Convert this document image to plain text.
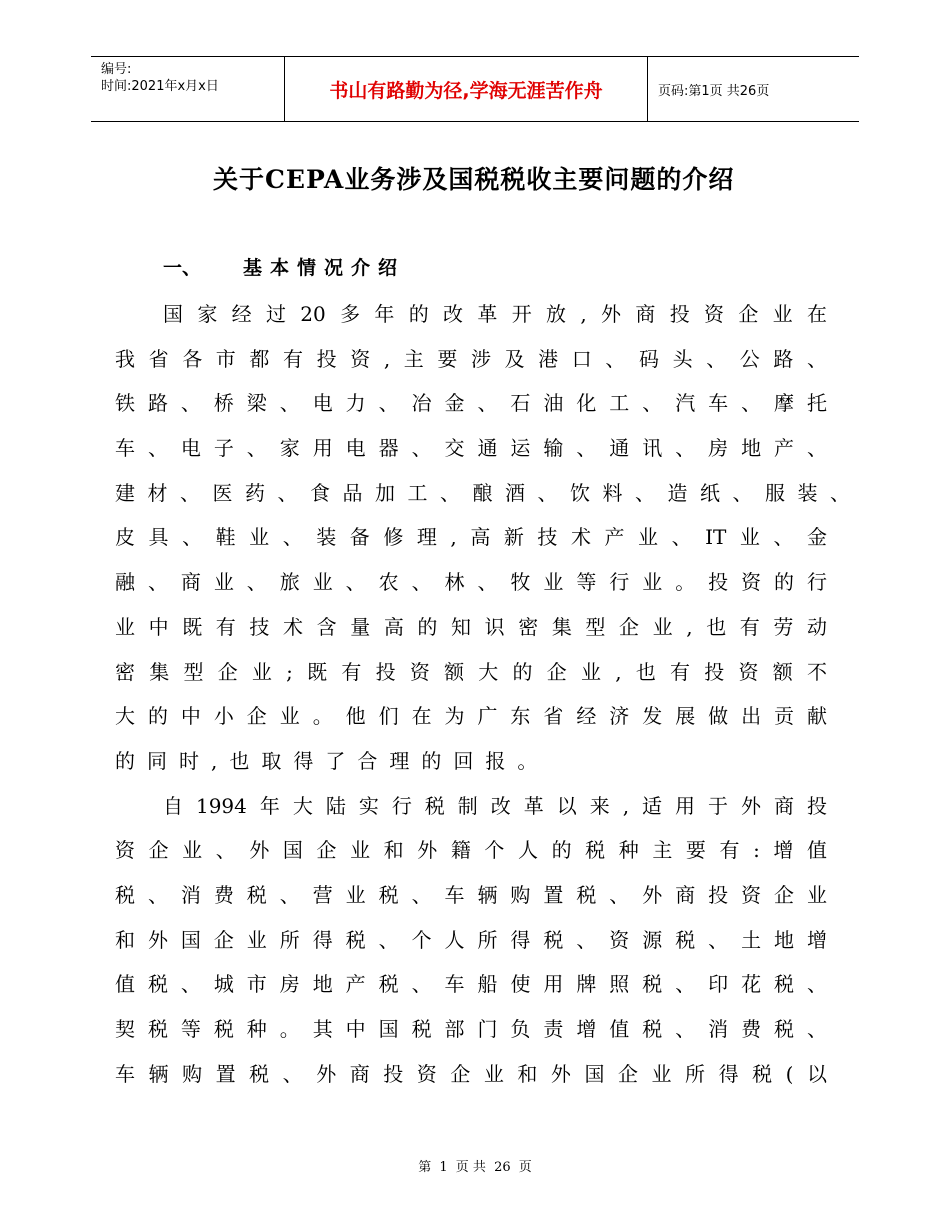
编号:
时间:2021年x月x日	书山有路勤为径,学海无涯苦作舟	页码:第1页 共26页
关于CEPA业务涉及国税税收主要问题的介绍
一、 基本情况介绍
国家经过20多年的改革开放,外商投资企业在
我省各市都有投资,主要涉及港口、码头、公路、
铁路、桥梁、电力、冶金、石油化工、汽车、摩托
车、电子、家用电器、交通运输、通讯、房地产、
建材、医药、食品加工、酿酒、饮料、造纸、服装、
皮具、鞋业、装备修理,高新技术产业、IT业、金
融、商业、旅业、农、林、牧业等行业。投资的行
业中既有技术含量高的知识密集型企业,也有劳动
密集型企业;既有投资额大的企业,也有投资额不
大的中小企业。他们在为广东省经济发展做出贡献
的同时,也取得了合理的回报。
自1994年大陆实行税制改革以来,适用于外商投
资企业、外国企业和外籍个人的税种主要有:增值
税、消费税、营业税、车辆购置税、外商投资企业
和外国企业所得税、个人所得税、资源税、土地增
值税、城市房地产税、车船使用牌照税、印花税、
契税等税种。其中国税部门负责增值税、消费税、
车辆购置税、外商投资企业和外国企业所得税(以
第 1 页 共 26 页
